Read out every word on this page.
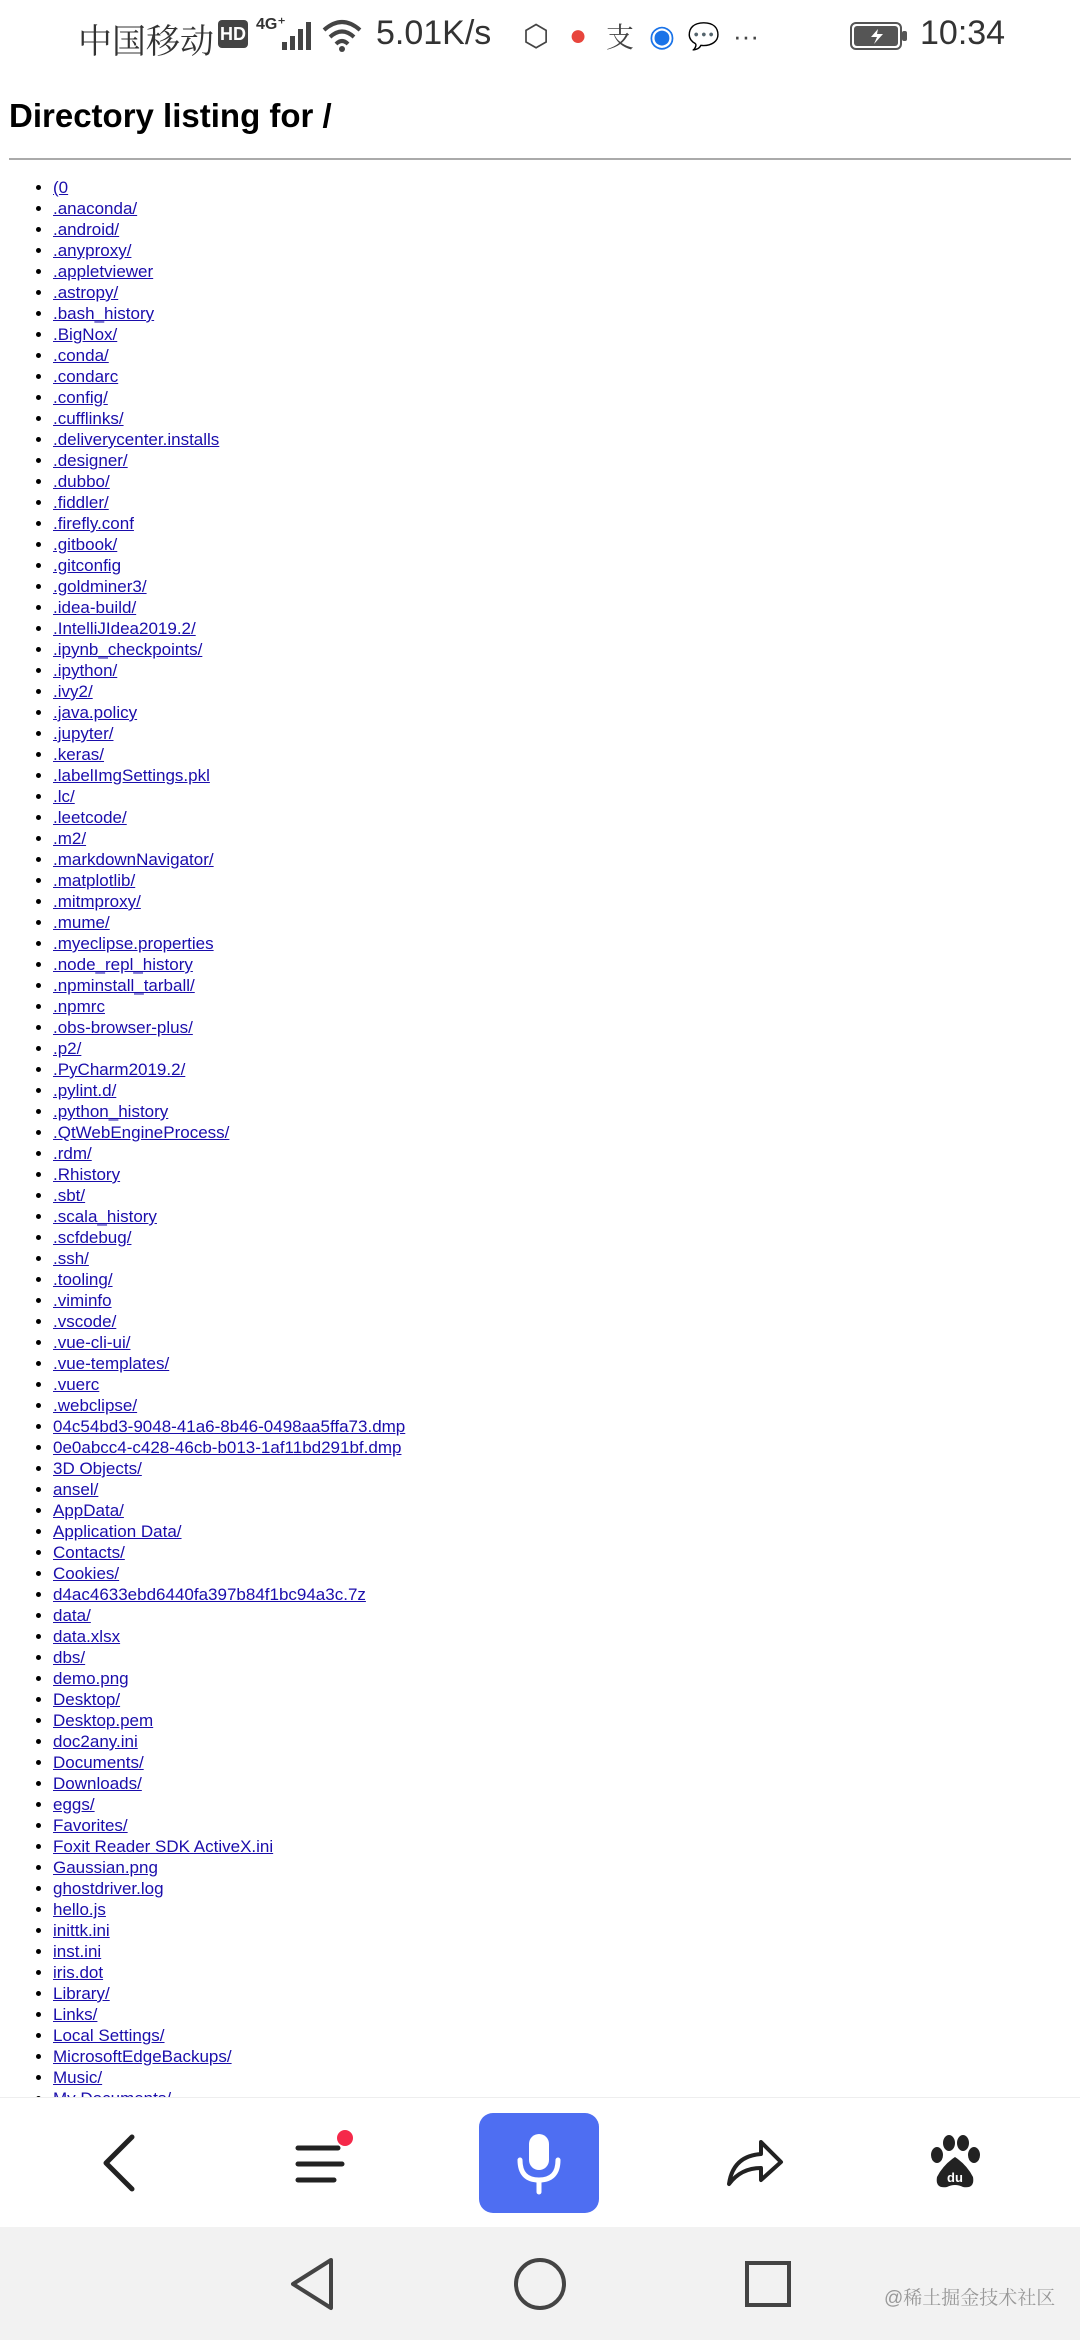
中国移动 HD 4G⁺	5.01K/s ⬡ ● 支 ◉ 💬 ···	10:34
Directory listing for /
• (0
• .anaconda/
• .android/
• .anyproxy/
• .appletviewer
• .astropy/
• .bash_history
• .BigNox/
• .conda/
• .condarc
• .config/
• .cufflinks/
• .deliverycenter.installs
• .designer/
• .dubbo/
• .fiddler/
• .firefly.conf
• .gitbook/
• .gitconfig
• .goldminer3/
• .idea-build/
• .IntelliJIdea2019.2/
• .ipynb_checkpoints/
• .ipython/
• .ivy2/
• .java.policy
• .jupyter/
• .keras/
• .labelImgSettings.pkl
• .lc/
• .leetcode/
• .m2/
• .markdownNavigator/
• .matplotlib/
• .mitmproxy/
• .mume/
• .myeclipse.properties
• .node_repl_history
• .npminstall_tarball/
• .npmrc
• .obs-browser-plus/
• .p2/
• .PyCharm2019.2/
• .pylint.d/
• .python_history
• .QtWebEngineProcess/
• .rdm/
• .Rhistory
• .sbt/
• .scala_history
• .scfdebug/
• .ssh/
• .tooling/
• .viminfo
• .vscode/
• .vue-cli-ui/
• .vue-templates/
• .vuerc
• .webclipse/
• 04c54bd3-9048-41a6-8b46-0498aa5ffa73.dmp
• 0e0abcc4-c428-46cb-b013-1af11bd291bf.dmp
• 3D Objects/
• ansel/
• AppData/
• Application Data/
• Contacts/
• Cookies/
• d4ac4633ebd6440fa397b84f1bc94a3c.7z
• data/
• data.xlsx
• dbs/
• demo.png
• Desktop/
• Desktop.pem
• doc2any.ini
• Documents/
• Downloads/
• eggs/
• Favorites/
• Foxit Reader SDK ActiveX.ini
• Gaussian.png
• ghostdriver.log
• hello.js
• inittk.ini
• inst.ini
• iris.dot
• Library/
• Links/
• Local Settings/
• MicrosoftEdgeBackups/
• Music/
•
du
@稀土掘金技术社区
